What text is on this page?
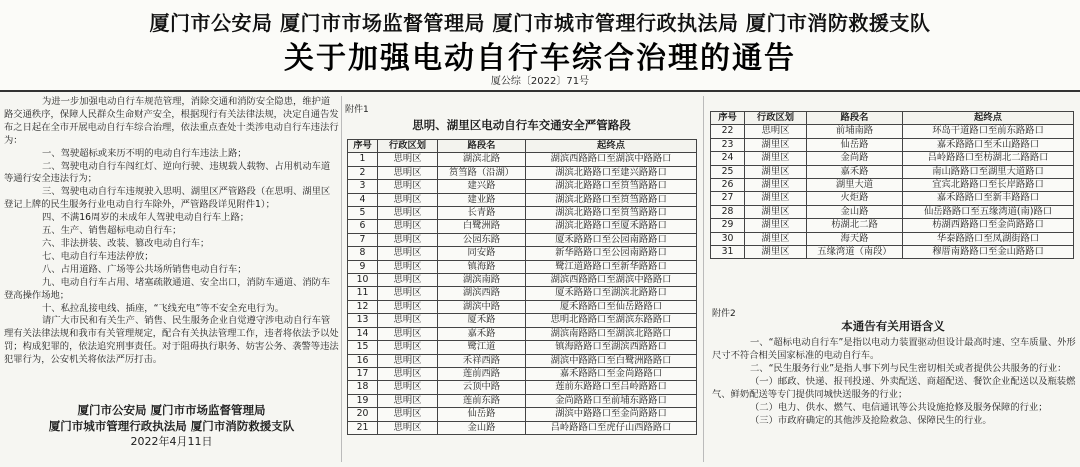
厦门市公安局 厦门市市场监督管理局 厦门市城市管理行政执法局 厦门市消防救援支队
关于加强电动自行车综合治理的通告
厦公综〔2022〕71号

为进一步加强电动自行车规范管理，消除交通和消防安全隐患，维护道路交通秩序，保障人民群众生命财产安全，根据现行有关法律法规，决定自通告发布之日起在全市开展电动自行车综合治理，依法重点查处十类涉电动自行车违法行为：

一、驾驶超标或来历不明的电动自行车违法上路；

二、驾驶电动自行车闯红灯、逆向行驶、违规载人载物、占用机动车道等通行安全违法行为；

三、驾驶电动自行车违规驶入思明、湖里区严管路段（在思明、湖里区登记上牌的民生服务行业电动自行车除外，严管路段详见附件1）；

四、不满16周岁的未成年人驾驶电动自行车上路；

五、生产、销售超标电动自行车；

六、非法拼装、改装、篡改电动自行车；

七、电动自行车违法停放；

八、占用道路、广场等公共场所销售电动自行车；

九、电动自行车占用、堵塞疏散通道、安全出口，消防车通道、消防车登高操作场地；

十、私拉乱接电线、插座，“飞线充电”等不安全充电行为。

请广大市民和有关生产、销售、民生服务企业自觉遵守涉电动自行车管理有关法律法规和我市有关管理规定，配合有关执法管理工作，违者将依法予以处罚；构成犯罪的，依法追究刑事责任。对于阻碍执行职务、妨害公务、袭警等违法犯罪行为，公安机关将依法严厉打击。

厦门市公安局 厦门市市场监督管理局
厦门市城市管理行政执法局 厦门市消防救援支队
2022年4月11日
附件1
思明、湖里区电动自行车交通安全严管路段
序号	行政区划	路段名	起终点
1	思明区	湖滨北路	湖滨西路路口至湖滨中路路口
2	思明区	筼筜路（沿湖）	湖滨北路路口至建兴路路口
3	思明区	建兴路	湖滨北路路口至筼筜路路口
4	思明区	建业路	湖滨北路路口至筼筜路路口
5	思明区	长青路	湖滨北路路口至筼筜路路口
6	思明区	白鹭洲路	湖滨北路路口至厦禾路路口
7	思明区	公园东路	厦禾路路口至公园南路路口
8	思明区	同安路	新华路路口至公园南路路口
9	思明区	镇海路	鹭江道路路口至新华路路口
10	思明区	湖滨南路	湖滨西路路口至湖滨中路路口
11	思明区	湖滨西路	厦禾路路口至湖滨北路路口
12	思明区	湖滨中路	厦禾路路口至仙岳路路口
13	思明区	厦禾路	思明北路路口至湖滨东路路口
14	思明区	嘉禾路	湖滨南路路口至湖滨北路路口
15	思明区	鹭江道	镇海路路口至湖滨西路路口
16	思明区	禾祥西路	湖滨中路路口至白鹭洲路路口
17	思明区	莲前西路	嘉禾路路口至金尚路路口
18	思明区	云顶中路	莲前东路路口至吕岭路路口
19	思明区	莲前东路	金尚路路口至前埔东路路口
20	思明区	仙岳路	湖滨中路路口至金尚路路口
21	思明区	金山路	吕岭路路口至虎仔山西路路口
序号	行政区划	路段名	起终点
22	思明区	前埔南路	环岛干道路口至前东路路口
23	湖里区	仙岳路	嘉禾路路口至禾山路路口
24	湖里区	金尚路	吕岭路路口至枋湖北二路路口
25	湖里区	嘉禾路	南山路路口至湖里大道路口
26	湖里区	湖里大道	宜宾北路路口至长岸路路口
27	湖里区	火炬路	嘉禾路路口至新丰路路口
28	湖里区	金山路	仙岳路路口至五缘湾道(南)路口
29	湖里区	枋湖北二路	枋湖西路路口至金尚路路口
30	湖里区	海天路	华泰路路口至凤湖街路口
31	湖里区	五缘湾道（南段）	穆厝南路路口至金山路路口
附件2
本通告有关用语含义

一、“超标电动自行车”是指以电动力装置驱动但设计最高时速、空车质量、外形尺寸不符合相关国家标准的电动自行车。

二、“民生服务行业”是指人事下列与民生密切相关或者提供公共服务的行业：

（一）邮政、快递、报刊投递、外卖配送、商超配送、餐饮企业配送以及瓶装燃气、鲜奶配送等专门提供同城快送服务的行业；

（二）电力、供水、燃气、电信通讯等公共设施抢修及服务保障的行业；

（三）市政府确定的其他涉及抢险救急、保障民生的行业。
